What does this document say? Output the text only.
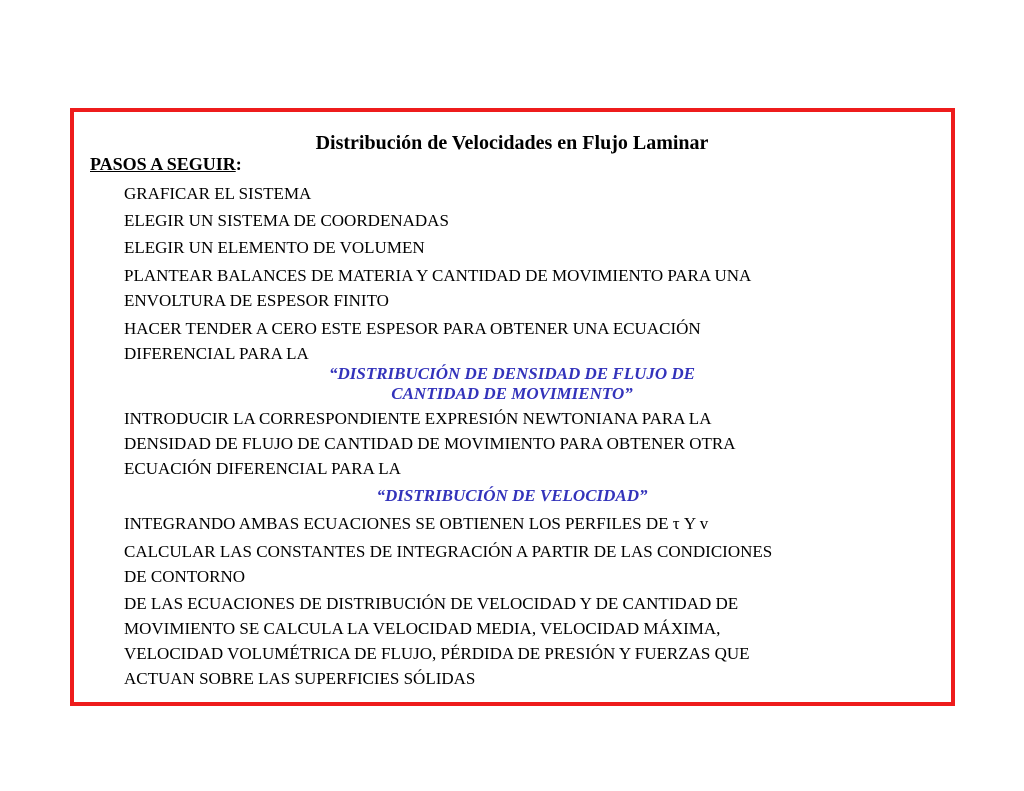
Distribución de Velocidades en Flujo Laminar
PASOS A SEGUIR:
GRAFICAR EL SISTEMA
ELEGIR UN SISTEMA DE COORDENADAS
ELEGIR UN ELEMENTO DE VOLUMEN
PLANTEAR BALANCES DE MATERIA Y CANTIDAD DE MOVIMIENTO PARA UNA
ENVOLTURA DE ESPESOR FINITO
HACER TENDER A CERO ESTE ESPESOR PARA OBTENER UNA ECUACIÓN
DIFERENCIAL PARA LA
“DISTRIBUCIÓN DE DENSIDAD DE FLUJO DE
CANTIDAD DE MOVIMIENTO”
INTRODUCIR LA CORRESPONDIENTE EXPRESIÓN NEWTONIANA PARA LA
DENSIDAD DE FLUJO DE CANTIDAD DE MOVIMIENTO PARA OBTENER OTRA
ECUACIÓN DIFERENCIAL PARA LA
“DISTRIBUCIÓN DE VELOCIDAD”
INTEGRANDO AMBAS ECUACIONES SE OBTIENEN LOS PERFILES DE τ Y v
CALCULAR LAS CONSTANTES DE INTEGRACIÓN A PARTIR DE LAS CONDICIONES
DE CONTORNO
DE LAS ECUACIONES DE DISTRIBUCIÓN DE VELOCIDAD Y DE CANTIDAD DE
MOVIMIENTO SE CALCULA LA VELOCIDAD MEDIA, VELOCIDAD MÁXIMA,
VELOCIDAD VOLUMÉTRICA DE FLUJO, PÉRDIDA DE PRESIÓN Y FUERZAS QUE
ACTUAN SOBRE LAS SUPERFICIES SÓLIDAS
